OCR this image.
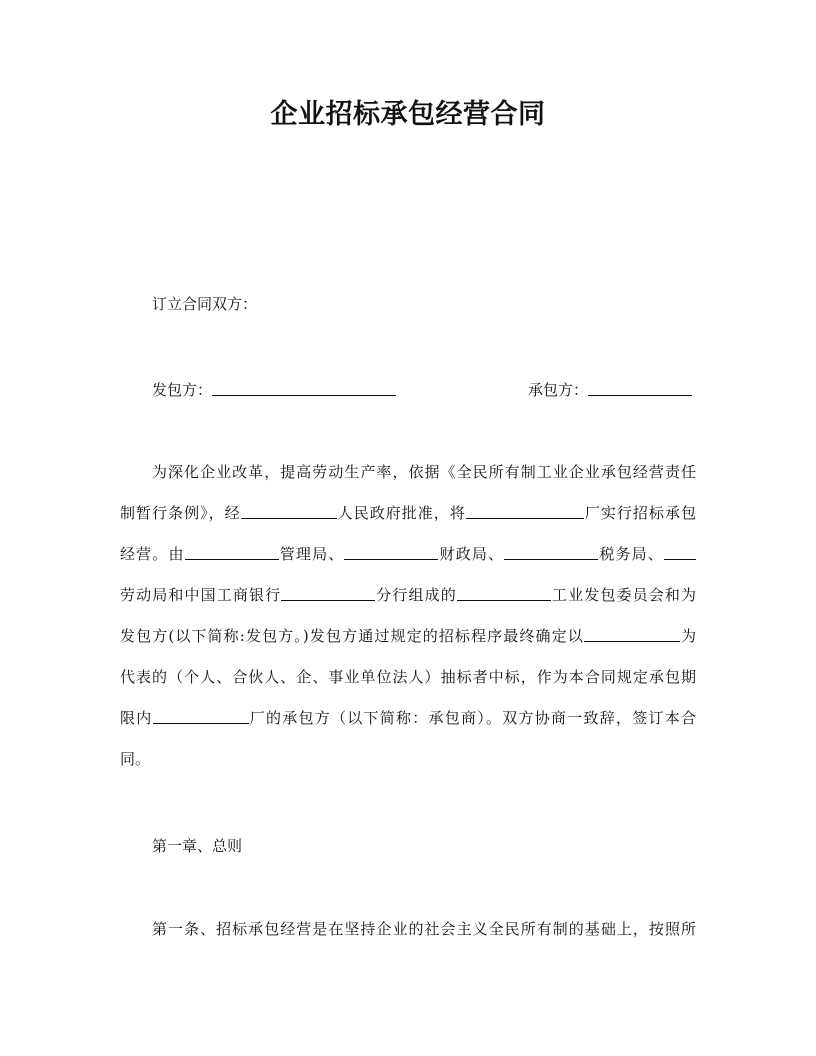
企业招标承包经营合同
订立合同双方：
发包方：	承包方：
为深化企业改革，提高劳动生产率，依据《全民所有制工业企业承包经营责任
制暂行条例》，经	人民政府批准，将	厂实行招标承包
经营。由	管理局、	财政局、	税务局、
劳动局和中国工商银行	分行组成的	工业发包委员会和为
发包方(以下简称:发包方。)发包方通过规定的招标程序最终确定以	为
代表的（个人、合伙人、企、事业单位法人）抽标者中标，作为本合同规定承包期
限内	厂的承包方（以下简称：承包商）。双方协商一致辞，签订本合
同。
第一章、总则
第一条、招标承包经营是在坚持企业的社会主义全民所有制的基础上，按照所
